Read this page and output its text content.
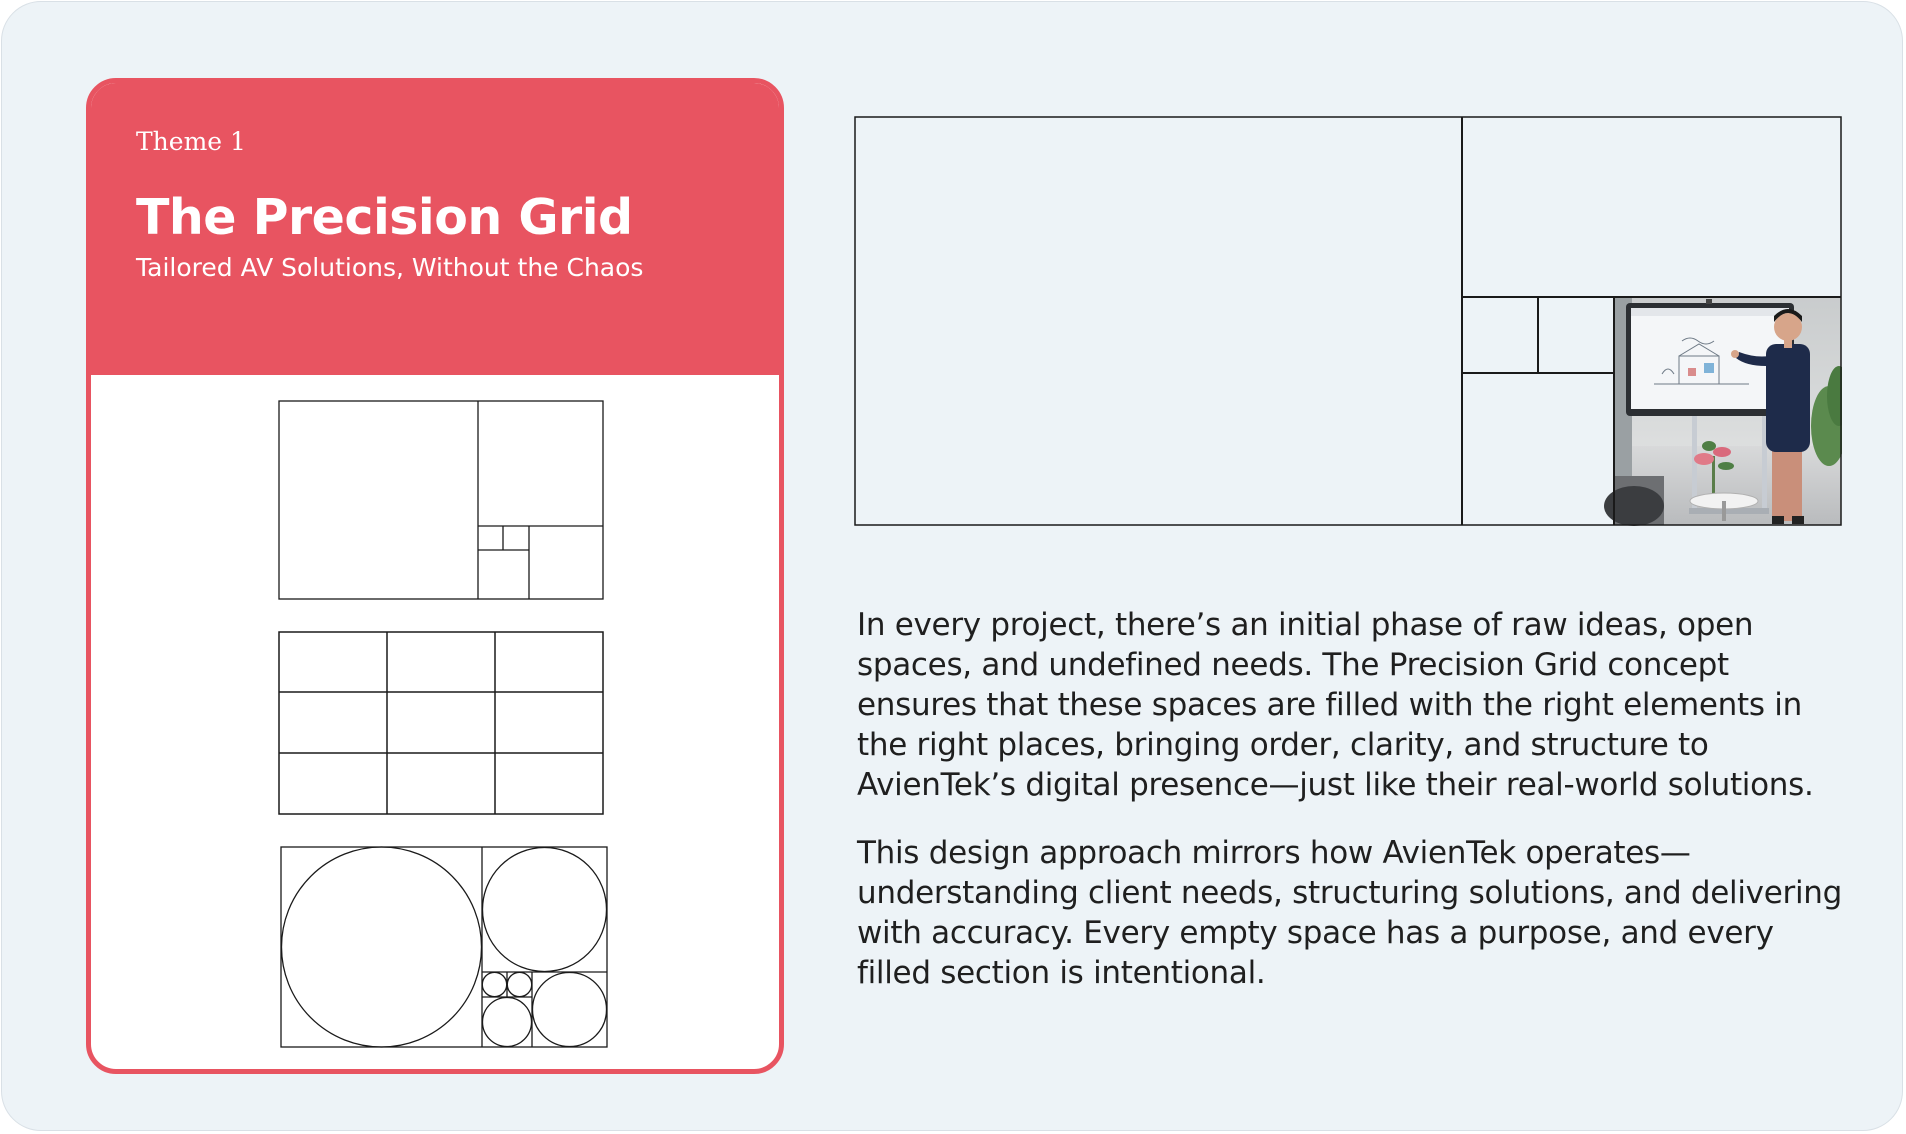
Theme 1

The Precision Grid

Tailored AV Solutions, Without the Chaos

In every project, there’s an initial phase of raw ideas, open spaces, and undefined needs. The Precision Grid concept ensures that these spaces are filled with the right elements in the right places, bringing order, clarity, and structure to AvienTek’s digital presence—just like their real-world solutions.

This design approach mirrors how AvienTek operates—understanding client needs, structuring solutions, and delivering with accuracy. Every empty space has a purpose, and every filled section is intentional.
